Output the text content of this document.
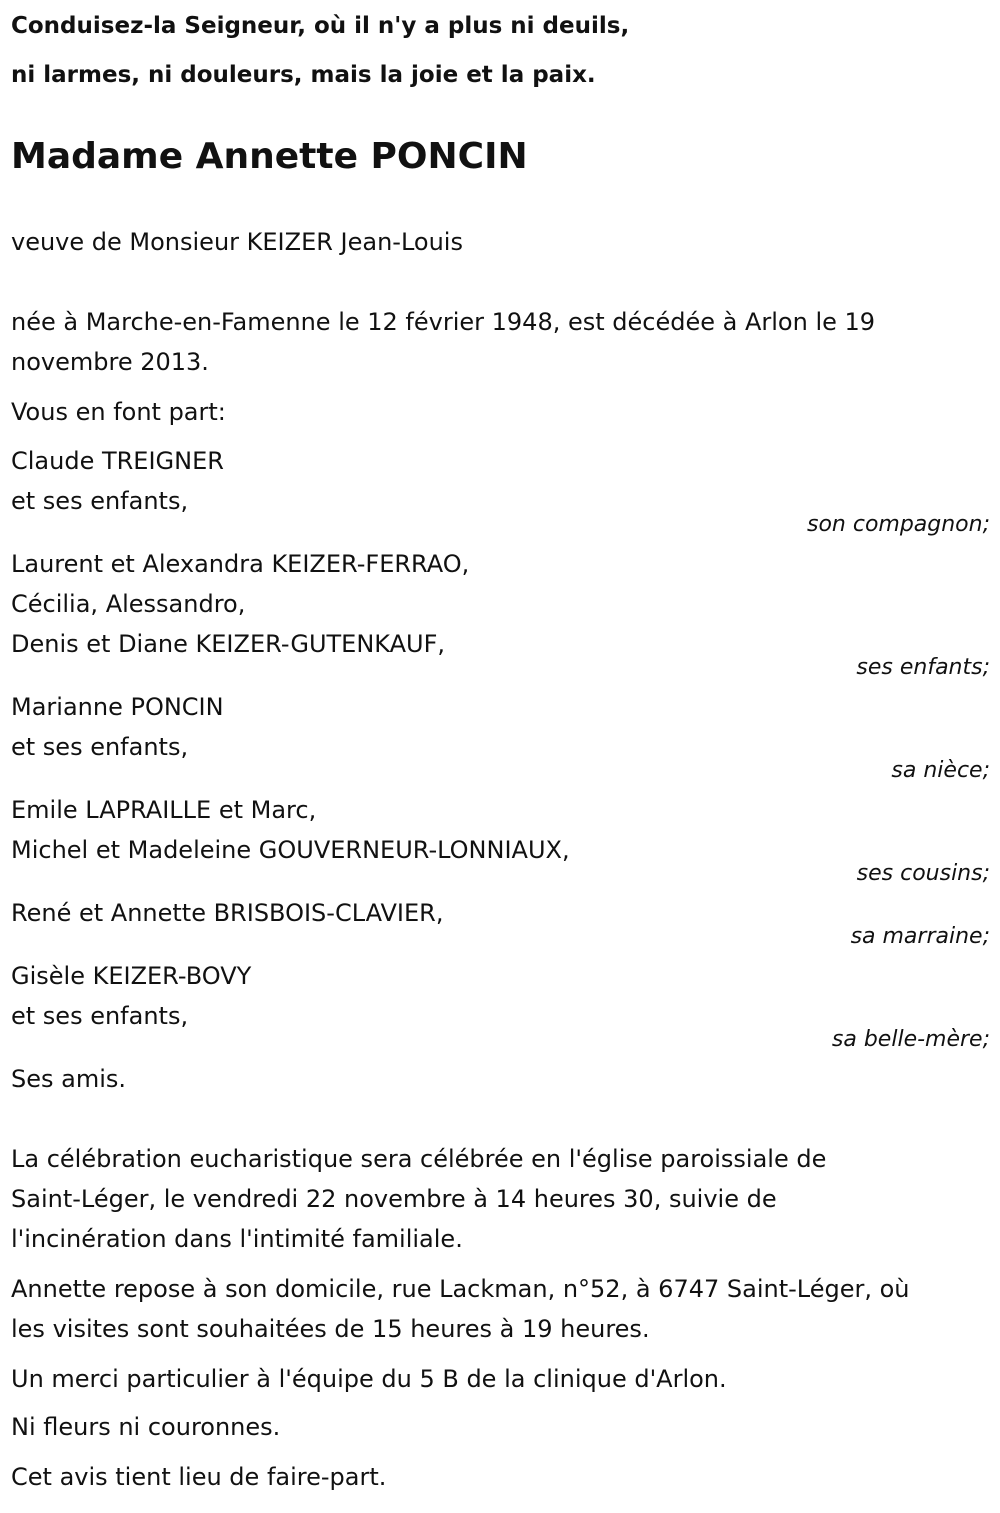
Conduisez-la Seigneur, où il n'y a plus ni deuils,

ni larmes, ni douleurs, mais la joie et la paix.

Madame Annette PONCIN

veuve de Monsieur KEIZER Jean-Louis

née à Marche-en-Famenne le 12 février 1948, est décédée à Arlon le 19

novembre 2013.

Vous en font part:

Claude TREIGNER

et ses enfants,

son compagnon;

Laurent et Alexandra KEIZER-FERRAO,

Cécilia, Alessandro,

Denis et Diane KEIZER-GUTENKAUF,

ses enfants;

Marianne PONCIN

et ses enfants,

sa nièce;

Emile LAPRAILLE et Marc,

Michel et Madeleine GOUVERNEUR-LONNIAUX,

ses cousins;

René et Annette BRISBOIS-CLAVIER,

sa marraine;

Gisèle KEIZER-BOVY

et ses enfants,

sa belle-mère;

Ses amis.

La célébration eucharistique sera célébrée en l'église paroissiale de

Saint-Léger, le vendredi 22 novembre à 14 heures 30, suivie de

l'incinération dans l'intimité familiale.

Annette repose à son domicile, rue Lackman, n°52, à 6747 Saint-Léger, où

les visites sont souhaitées de 15 heures à 19 heures.

Un merci particulier à l'équipe du 5 B de la clinique d'Arlon.

Ni fleurs ni couronnes.

Cet avis tient lieu de faire-part.
